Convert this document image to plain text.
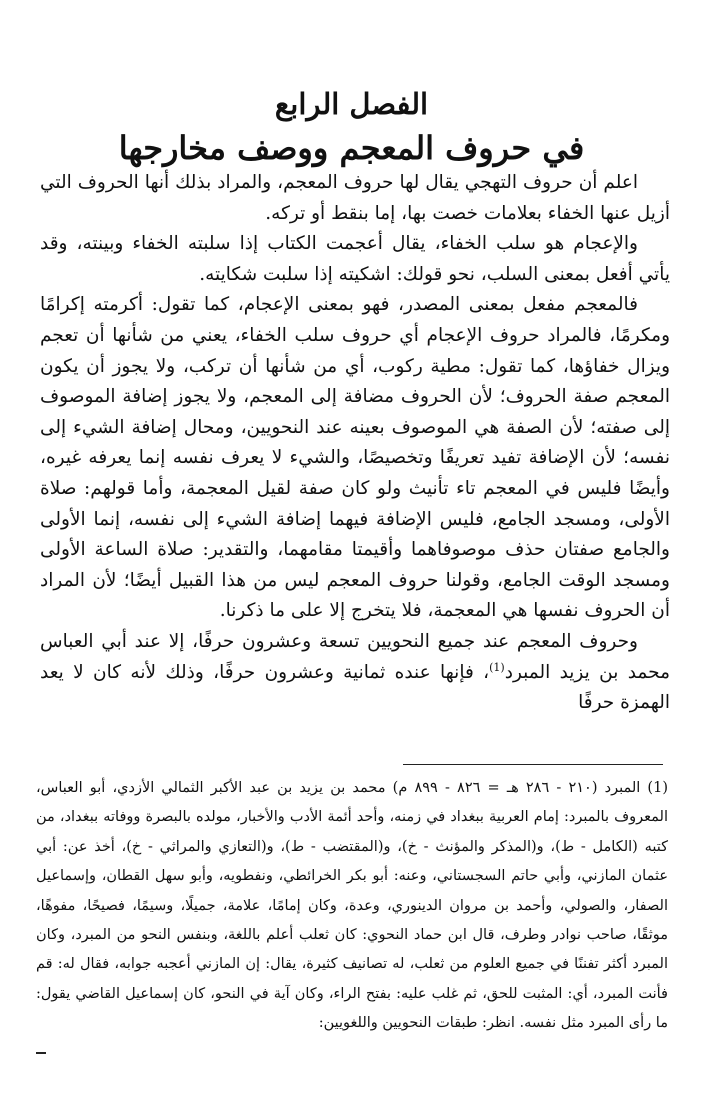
الفصل الرابع
في حروف المعجم ووصف مخارجها

اعلم أن حروف التهجي يقال لها حروف المعجم، والمراد بذلك أنها الحروف التي أزيل عنها الخفاء بعلامات خصت بها، إما بنقط أو تركه.

والإعجام هو سلب الخفاء، يقال أعجمت الكتاب إذا سلبته الخفاء وبينته، وقد يأتي أفعل بمعنى السلب، نحو قولك: اشكيته إذا سلبت شكايته.

فالمعجم مفعل بمعنى المصدر، فهو بمعنى الإعجام، كما تقول: أكرمته إكرامًا ومكرمًا، فالمراد حروف الإعجام أي حروف سلب الخفاء، يعني من شأنها أن تعجم ويزال خفاؤها، كما تقول: مطية ركوب، أي من شأنها أن تركب، ولا يجوز أن يكون المعجم صفة الحروف؛ لأن الحروف مضافة إلى المعجم، ولا يجوز إضافة الموصوف إلى صفته؛ لأن الصفة هي الموصوف بعينه عند النحويين، ومحال إضافة الشيء إلى نفسه؛ لأن الإضافة تفيد تعريفًا وتخصيصًا، والشيء لا يعرف نفسه إنما يعرفه غيره، وأيضًا فليس في المعجم تاء تأنيث ولو كان صفة لقيل المعجمة، وأما قولهم: صلاة الأولى، ومسجد الجامع، فليس الإضافة فيهما إضافة الشيء إلى نفسه، إنما الأولى والجامع صفتان حذف موصوفاهما وأقيمتا مقامهما، والتقدير: صلاة الساعة الأولى ومسجد الوقت الجامع، وقولنا حروف المعجم ليس من هذا القبيل أيضًا؛ لأن المراد أن الحروف نفسها هي المعجمة، فلا يتخرج إلا على ما ذكرنا.

وحروف المعجم عند جميع النحويين تسعة وعشرون حرفًا، إلا عند أبي العباس محمد بن يزيد المبرد$^{(1)}$، فإنها عنده ثمانية وعشرون حرفًا، وذلك لأنه كان لا يعد الهمزة حرفًا

(1) المبرد (٢١٠ - ٢٨٦ هـ = ٨٢٦ - ٨٩٩ م) محمد بن يزيد بن عبد الأكبر الثمالي الأزدي، أبو العباس، المعروف بالمبرد: إمام العربية ببغداد في زمنه، وأحد أئمة الأدب والأخبار، مولده بالبصرة ووفاته ببغداد، من كتبه (الكامل - ط)، و(المذكر والمؤنث - خ)، و(المقتضب - ط)، و(التعازي والمراثي - خ)، أخذ عن: أبي عثمان المازني، وأبي حاتم السجستاني، وعنه: أبو بكر الخرائطي، ونفطويه، وأبو سهل القطان، وإسماعيل الصفار، والصولي، وأحمد بن مروان الدينوري، وعدة، وكان إمامًا، علامة، جميلًا، وسيمًا، فصيحًا، مفوهًا، موثقًا، صاحب نوادر وطرف، قال ابن حماد النحوي: كان ثعلب أعلم باللغة، وبنفس النحو من المبرد، وكان المبرد أكثر تفننًا في جميع العلوم من ثعلب، له تصانيف كثيرة، يقال: إن المازني أعجبه جوابه، فقال له: قم فأنت المبرد، أي: المثبت للحق، ثم غلب عليه: بفتح الراء، وكان آية في النحو، كان إسماعيل القاضي يقول: ما رأى المبرد مثل نفسه. انظر: طبقات النحويين واللغويين:
